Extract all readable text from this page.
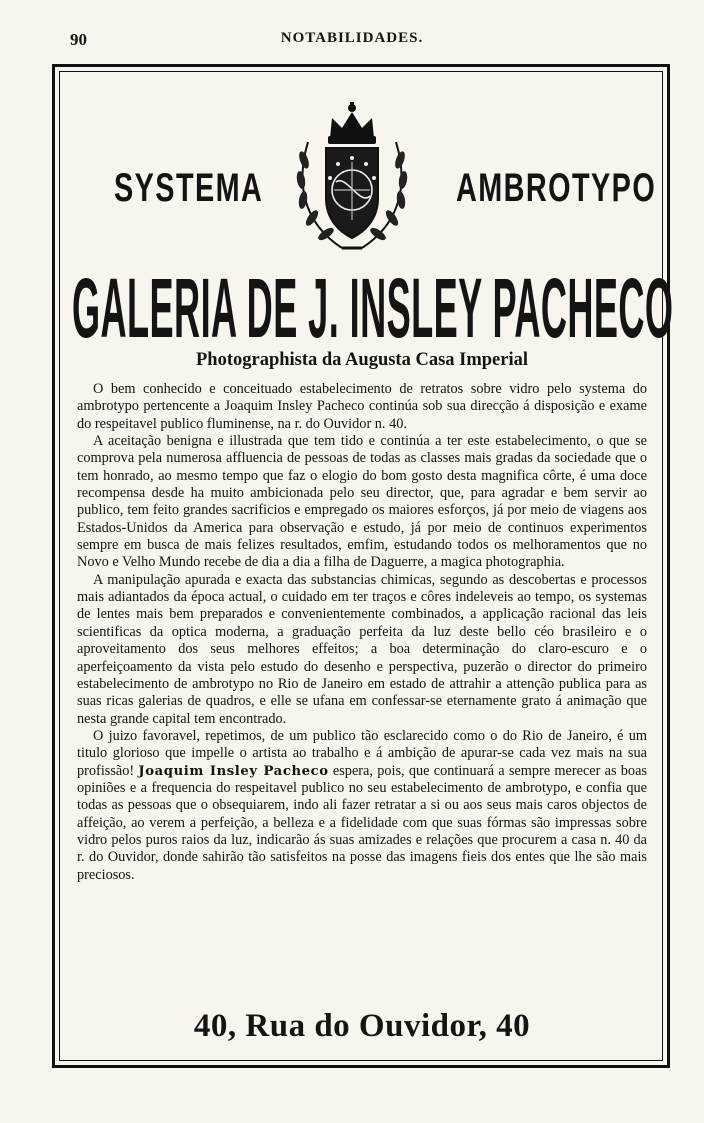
90	NOTABILIDADES.
SYSTEMA	AMBROTYPO
GALERIA DE J. INSLEY PACHECO
Photographista da Augusta Casa Imperial

O bem conhecido e conceituado estabelecimento de retratos sobre vidro pelo systema do ambrotypo pertencente a Joaquim Insley Pacheco continúa sob sua direcção á disposição e exame do respeitavel publico fluminense, na r. do Ouvidor n. 40.

A aceitação benigna e illustrada que tem tido e continúa a ter este estabelecimento, o que se comprova pela numerosa affluencia de pessoas de todas as classes mais gradas da sociedade que o tem honrado, ao mesmo tempo que faz o elogio do bom gosto desta magnifica côrte, é uma doce recompensa desde ha muito ambicionada pelo seu director, que, para agradar e bem servir ao publico, tem feito grandes sacrificios e empregado os maiores esforços, já por meio de viagens aos Estados-Unidos da America para observação e estudo, já por meio de continuos experimentos sempre em busca de mais felizes resultados, emfim, estudando todos os melhoramentos que no Novo e Velho Mundo recebe de dia a dia a filha de Daguerre, a magica photographia.

A manipulação apurada e exacta das substancias chimicas, segundo as descobertas e processos mais adiantados da época actual, o cuidado em ter traços e côres indeleveis ao tempo, os systemas de lentes mais bem preparados e convenientemente combinados, a applicação racional das leis scientificas da optica moderna, a graduação perfeita da luz deste bello céo brasileiro e o aproveitamento dos seus melhores effeitos; a boa determinação do claro-escuro e o aperfeiçoamento da vista pelo estudo do desenho e perspectiva, puzerão o director do primeiro estabelecimento de ambrotypo no Rio de Janeiro em estado de attrahir a attenção publica para as suas ricas galerias de quadros, e elle se ufana em confessar-se eternamente grato á animação que nesta grande capital tem encontrado.

O juizo favoravel, repetimos, de um publico tão esclarecido como o do Rio de Janeiro, é um titulo glorioso que impelle o artista ao trabalho e á ambição de apurar-se cada vez mais na sua profissão! Joaquim Insley Pacheco espera, pois, que continuará a sempre merecer as boas opiniões e a frequencia do respeitavel publico no seu estabelecimento de ambrotypo, e confia que todas as pessoas que o obsequiarem, indo ali fazer retratar a si ou aos seus mais caros objectos de affeição, ao verem a perfeição, a belleza e a fidelidade com que suas fórmas são impressas sobre vidro pelos puros raios da luz, indicarão ás suas amizades e relações que procurem a casa n. 40 da r. do Ouvidor, donde sahirão tão satisfeitos na posse das imagens fieis dos entes que lhe são mais preciosos.

40, Rua do Ouvidor, 40
